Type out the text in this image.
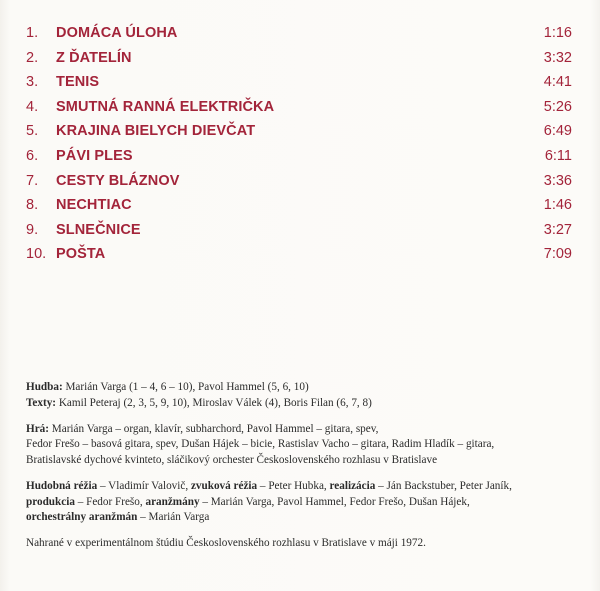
1. DOMÁCA ÚLOHA	1:16
2. Z ĎATELÍN	3:32
3. TENIS	4:41
4. SMUTNÁ RANNÁ ELEKTRIČKA	5:26
5. KRAJINA BIELYCH DIEVČAT	6:49
6. PÁVI PLES	6:11
7. CESTY BLÁZNOV	3:36
8. NECHTIAC	1:46
9. SLNEČNICE	3:27
10. POŠTA	7:09
Hudba: Marián Varga (1 – 4, 6 – 10), Pavol Hammel (5, 6, 10)
Texty: Kamil Peteraj (2, 3, 5, 9, 10), Miroslav Válek (4), Boris Filan (6, 7, 8)
Hrá: Marián Varga – organ, klavír, subharchord, Pavol Hammel – gitara, spev,
Fedor Frešo – basová gitara, spev, Dušan Hájek – bicie, Rastislav Vacho – gitara, Radim Hladík – gitara,
Bratislavské dychové kvinteto, sláčikový orchester Československého rozhlasu v Bratislave
Hudobná réžia – Vladimír Valovič, zvuková réžia – Peter Hubka, realizácia – Ján Backstuber, Peter Janík,
produkcia – Fedor Frešo, aranžmány – Marián Varga, Pavol Hammel, Fedor Frešo, Dušan Hájek,
orchestrálny aranžmán – Marián Varga
Nahrané v experimentálnom štúdiu Československého rozhlasu v Bratislave v máji 1972.
